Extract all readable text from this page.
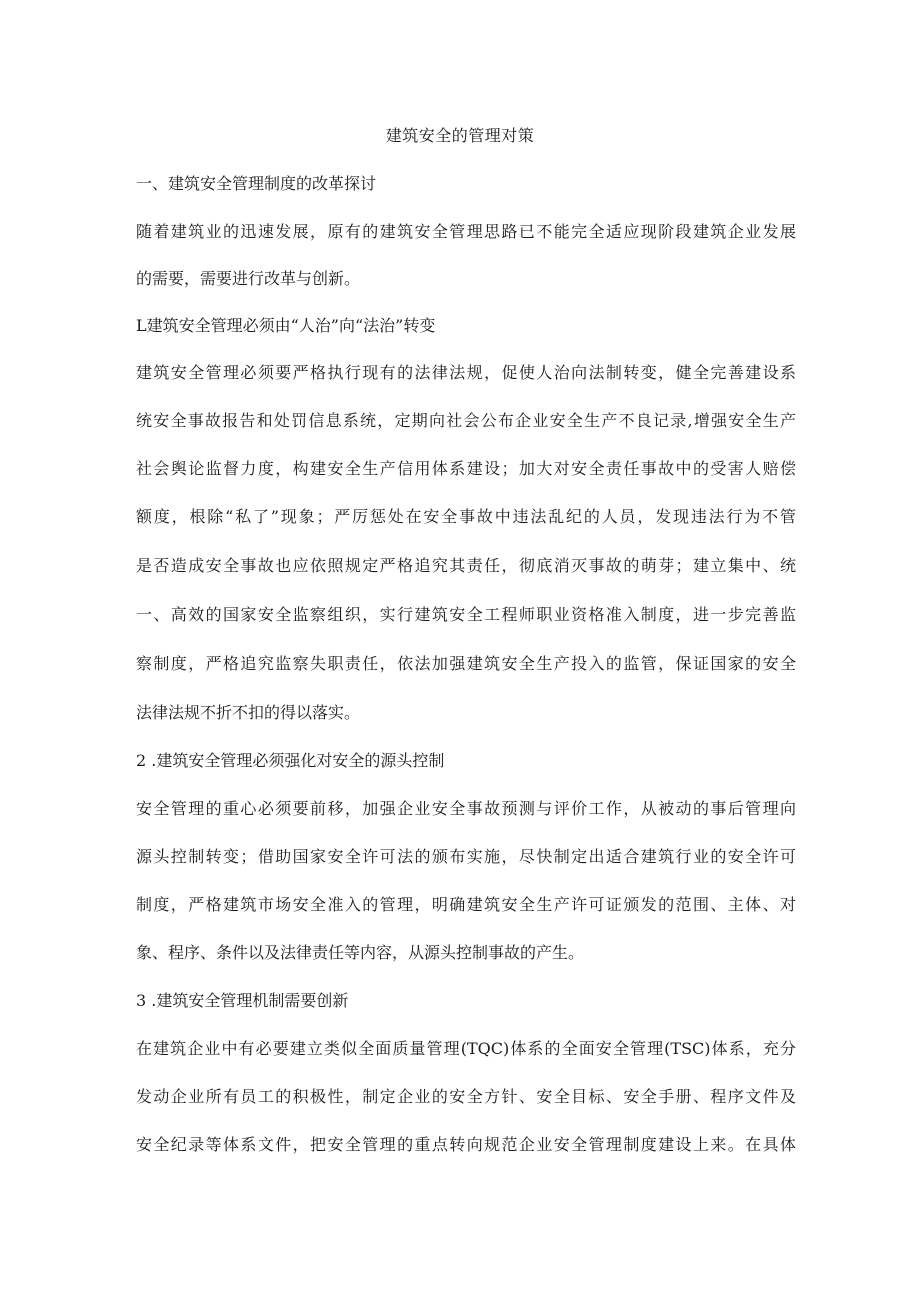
建筑安全的管理对策
一、建筑安全管理制度的改革探讨
随着建筑业的迅速发展，原有的建筑安全管理思路已不能完全适应现阶段建筑企业发展
的需要，需要进行改革与创新。
L建筑安全管理必须由“人治”向“法治”转变
建筑安全管理必须要严格执行现有的法律法规，促使人治向法制转变，健全完善建设系
统安全事故报告和处罚信息系统，定期向社会公布企业安全生产不良记录,增强安全生产
社会舆论监督力度，构建安全生产信用体系建设；加大对安全责任事故中的受害人赔偿
额度，根除“私了”现象；严厉惩处在安全事故中违法乱纪的人员，发现违法行为不管
是否造成安全事故也应依照规定严格追究其责任，彻底消灭事故的萌芽；建立集中、统
一、高效的国家安全监察组织，实行建筑安全工程师职业资格准入制度，进一步完善监
察制度，严格追究监察失职责任，依法加强建筑安全生产投入的监管，保证国家的安全
法律法规不折不扣的得以落实。
2 .建筑安全管理必须强化对安全的源头控制
安全管理的重心必须要前移，加强企业安全事故预测与评价工作，从被动的事后管理向
源头控制转变；借助国家安全许可法的颁布实施，尽快制定出适合建筑行业的安全许可
制度，严格建筑市场安全准入的管理，明确建筑安全生产许可证颁发的范围、主体、对
象、程序、条件以及法律责任等内容，从源头控制事故的产生。
3 .建筑安全管理机制需要创新
在建筑企业中有必要建立类似全面质量管理(TQC)体系的全面安全管理(TSC)体系，充分
发动企业所有员工的积极性，制定企业的安全方针、安全目标、安全手册、程序文件及
安全纪录等体系文件，把安全管理的重点转向规范企业安全管理制度建设上来。在具体
